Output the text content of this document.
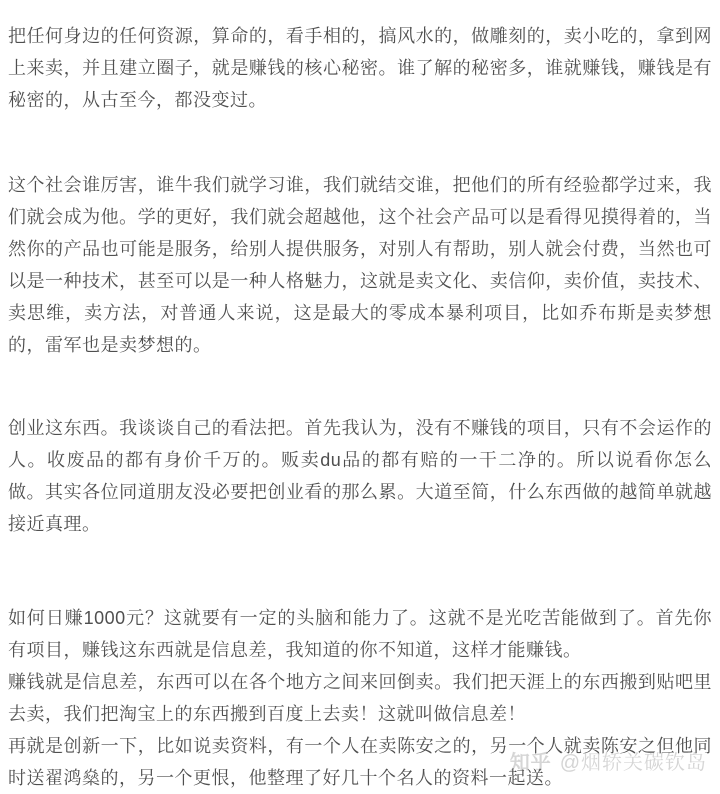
知乎 @烟轿关碳钦岛

把任何身边的任何资源，算命的，看手相的，搞风水的，做雕刻的，卖小吃的，拿到网上来卖，并且建立圈子，就是赚钱的核心秘密。谁了解的秘密多，谁就赚钱，赚钱是有秘密的，从古至今，都没变过。

这个社会谁厉害，谁牛我们就学习谁，我们就结交谁，把他们的所有经验都学过来，我们就会成为他。学的更好，我们就会超越他，这个社会产品可以是看得见摸得着的，当然你的产品也可能是服务，给别人提供服务，对别人有帮助，别人就会付费，当然也可以是一种技术，甚至可以是一种人格魅力，这就是卖文化、卖信仰，卖价值，卖技术、卖思维，卖方法，对普通人来说，这是最大的零成本暴利项目，比如乔布斯是卖梦想的，雷军也是卖梦想的。

创业这东西。我谈谈自己的看法把。首先我认为，没有不赚钱的项目，只有不会运作的人。收废品的都有身价千万的。贩卖du品的都有赔的一干二净的。所以说看你怎么做。其实各位同道朋友没必要把创业看的那么累。大道至简，什么东西做的越简单就越接近真理。

如何日赚1000元？这就要有一定的头脑和能力了。这就不是光吃苦能做到了。首先你有项目，赚钱这东西就是信息差，我知道的你不知道，这样才能赚钱。

赚钱就是信息差，东西可以在各个地方之间来回倒卖。我们把天涯上的东西搬到贴吧里去卖，我们把淘宝上的东西搬到百度上去卖！这就叫做信息差！

再就是创新一下，比如说卖资料，有一个人在卖陈安之的，另一个人就卖陈安之但他同时送翟鸿燊的，另一个更恨，他整理了好几十个名人的资料一起送。
